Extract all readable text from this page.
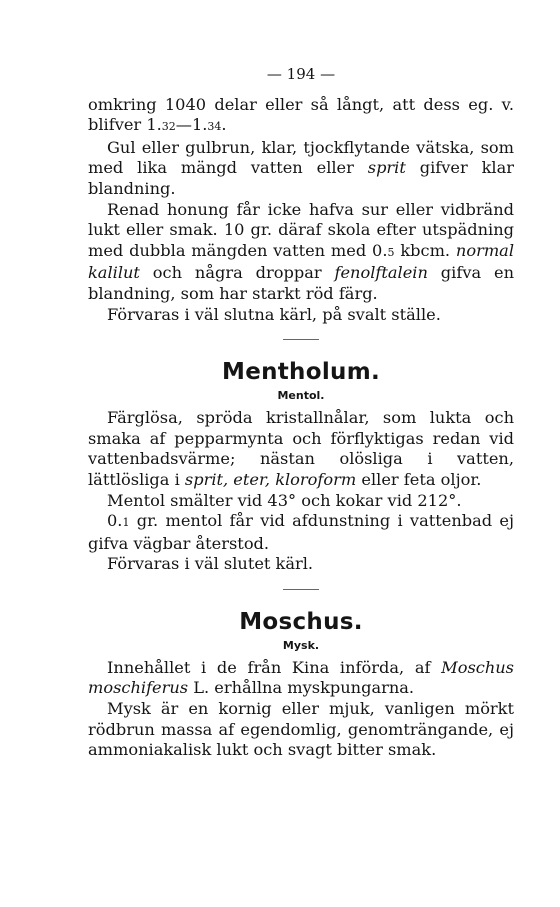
— 194 —

omkring 1040 delar eller så långt, att dess eg. v. blifver 1.32—1.34.

Gul eller gulbrun, klar, tjockflytande vätska, som med lika mängd vatten eller sprit gifver klar blandning.

Renad honung får icke hafva sur eller vidbränd lukt eller smak. 10 gr. däraf skola efter utspädning med dubbla mängden vatten med 0.5 kbcm. normal kalilut och några droppar fenolftalein gifva en blandning, som har starkt röd färg.

Förvaras i väl slutna kärl, på svalt ställe.

Mentholum.
Mentol.

Färglösa, spröda kristallnålar, som lukta och smaka af pepparmynta och förflyktigas redan vid vattenbadsvärme; nästan olösliga i vatten, lättlösliga i sprit, eter, kloroform eller feta oljor.

Mentol smälter vid 43° och kokar vid 212°.

0.1 gr. mentol får vid afdunstning i vattenbad ej gifva vägbar återstod.

Förvaras i väl slutet kärl.

Moschus.
Mysk.

Innehållet i de från Kina införda, af Moschus moschiferus L. erhållna myskpungarna.

Mysk är en kornig eller mjuk, vanligen mörkt rödbrun massa af egendomlig, genomträngande, ej ammoniakalisk lukt och svagt bitter smak.
